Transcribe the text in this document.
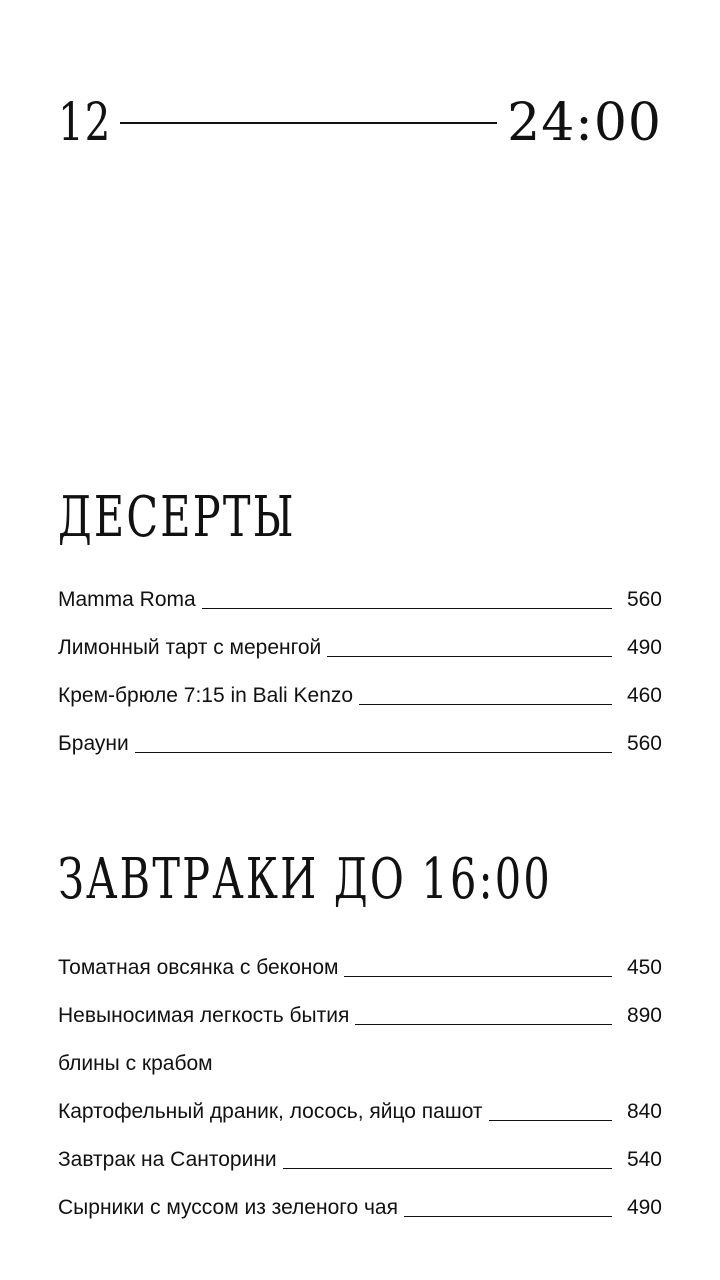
12	24:00
ДЕСЕРТЫ
Mamma Roma	560
Лимонный тарт с меренгой	490
Крем-брюле 7:15 in Bali Kenzo	460
Брауни	560
ЗАВТРАКИ ДО 16:00
Томатная овсянка с беконом	450
Невыносимая легкость бытия	890
блины с крабом
Картофельный драник, лосось, яйцо пашот	840
Завтрак на Санторини	540
Сырники с муссом из зеленого чая	490
